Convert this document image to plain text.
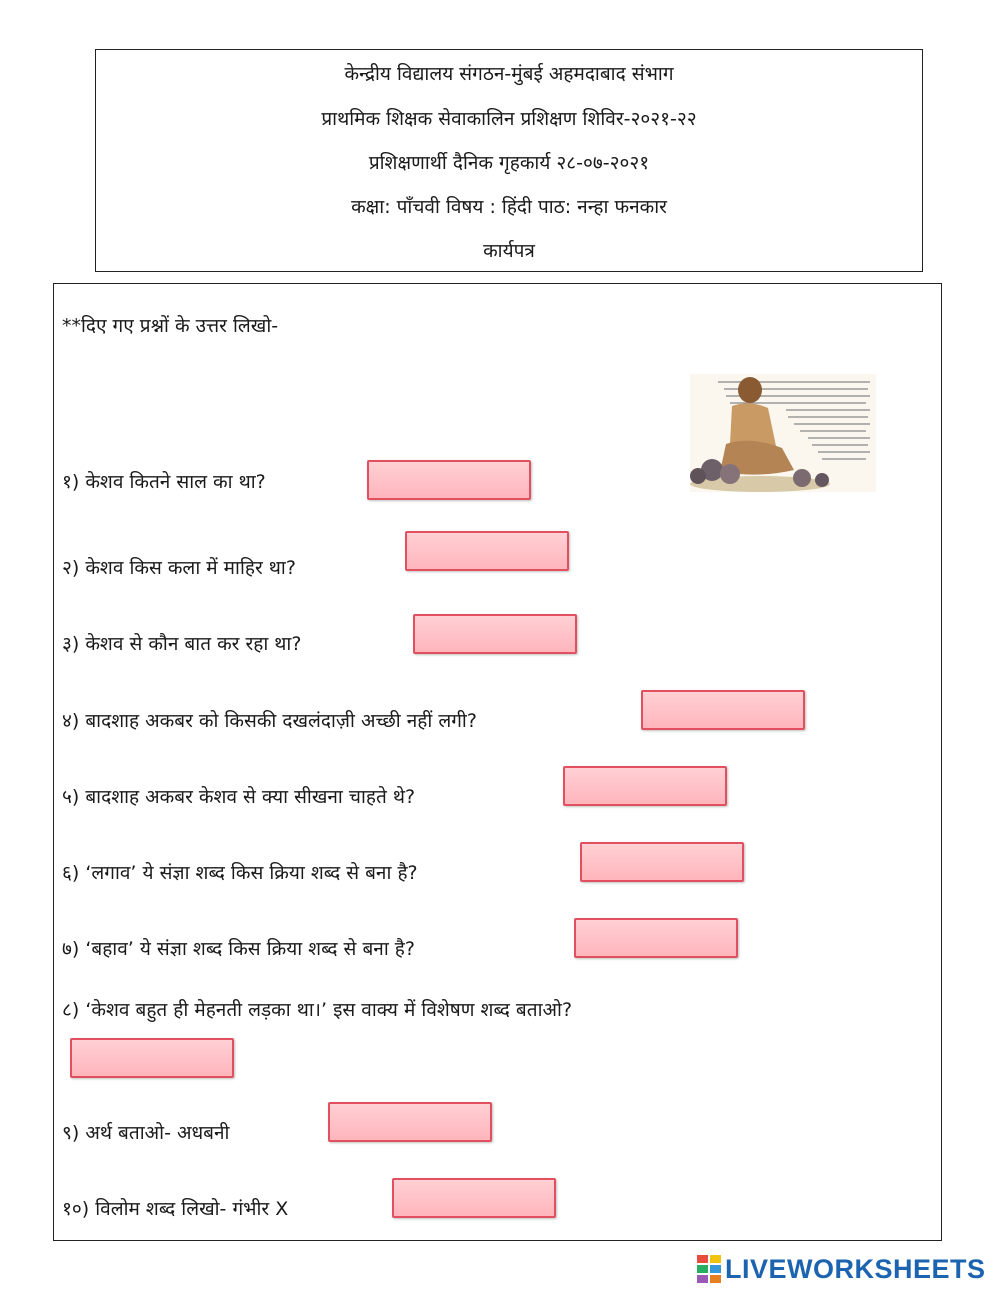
केन्द्रीय विद्यालय संगठन-मुंबई अहमदाबाद संभाग
प्राथमिक शिक्षक सेवाकालिन प्रशिक्षण शिविर-२०२१-२२
प्रशिक्षणार्थी दैनिक गृहकार्य २८-०७-२०२१
कक्षा: पाँचवी विषय : हिंदी पाठ: नन्हा फनकार
कार्यपत्र
**दिए गए प्रश्नों के उत्तर लिखो-
१) केशव कितने साल का था?
२) केशव किस कला में माहिर था?
३) केशव से कौन बात कर रहा था?
४) बादशाह अकबर को किसकी दखलंदाज़ी अच्छी नहीं लगी?
५) बादशाह अकबर केशव से क्या सीखना चाहते थे?
६) ‘लगाव’ ये संज्ञा शब्द किस क्रिया शब्द से बना है?
७) ‘बहाव’ ये संज्ञा शब्द किस क्रिया शब्द से बना है?
८) ‘केशव बहुत ही मेहनती लड़का था।’ इस वाक्य में विशेषण शब्द बताओ?
९) अर्थ बताओ- अधबनी
१०) विलोम शब्द लिखो- गंभीर X
LIVEWORKSHEETS
